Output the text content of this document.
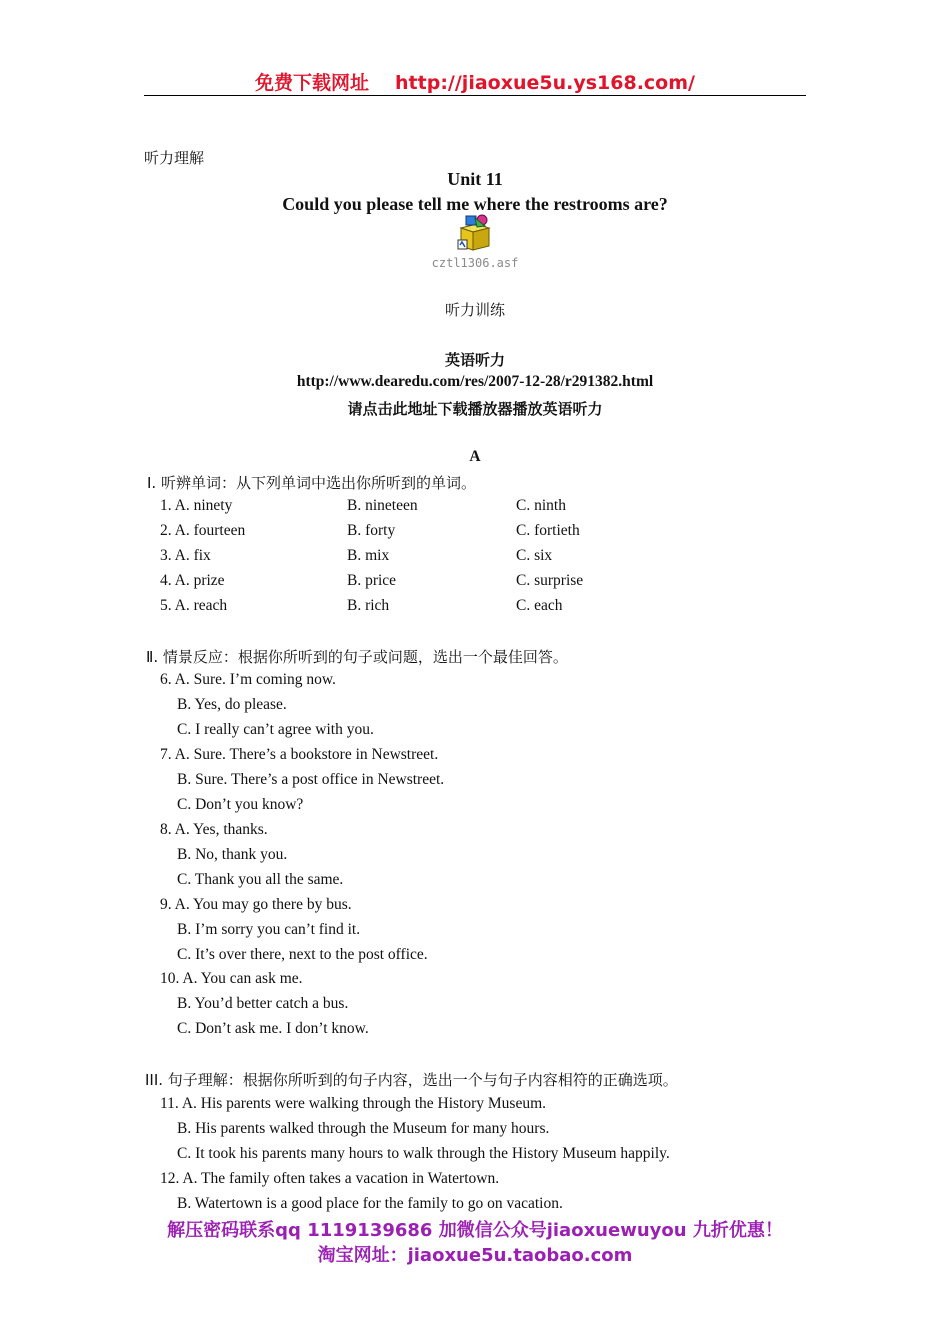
免费下载网址 http://jiaoxue5u.ys168.com/
听力理解
Unit 11
Could you please tell me where the restrooms are?
cztl1306.asf
听力训练
英语听力
http://www.dearedu.com/res/2007-12-28/r291382.html
请点击此地址下载播放器播放英语听力
A
Ⅰ. 听辨单词：从下列单词中选出你所听到的单词。
1. A. ninety	B. nineteen	C. ninth
2. A. fourteen	B. forty	C. fortieth
3. A. fix	B. mix	C. six
4. A. prize	B. price	C. surprise
5. A. reach	B. rich	C. each
Ⅱ. 情景反应：根据你所听到的句子或问题，选出一个最佳回答。
6. A. Sure. I’m coming now.
B. Yes, do please.
C. I really can’t agree with you.
7. A. Sure. There’s a bookstore in Newstreet.
B. Sure. There’s a post office in Newstreet.
C. Don’t you know?
8. A. Yes, thanks.
B. No, thank you.
C. Thank you all the same.
9. A. You may go there by bus.
B. I’m sorry you can’t find it.
C. It’s over there, next to the post office.
10. A. You can ask me.
B. You’d better catch a bus.
C. Don’t ask me. I don’t know.
III. 句子理解：根据你所听到的句子内容，选出一个与句子内容相符的正确选项。
11. A. His parents were walking through the History Museum.
B. His parents walked through the Museum for many hours.
C. It took his parents many hours to walk through the History Museum happily.
12. A. The family often takes a vacation in Watertown.
B. Watertown is a good place for the family to go on vacation.
解压密码联系qq 1119139686 加微信公众号jiaoxuewuyou 九折优惠！
淘宝网址：jiaoxue5u.taobao.com
